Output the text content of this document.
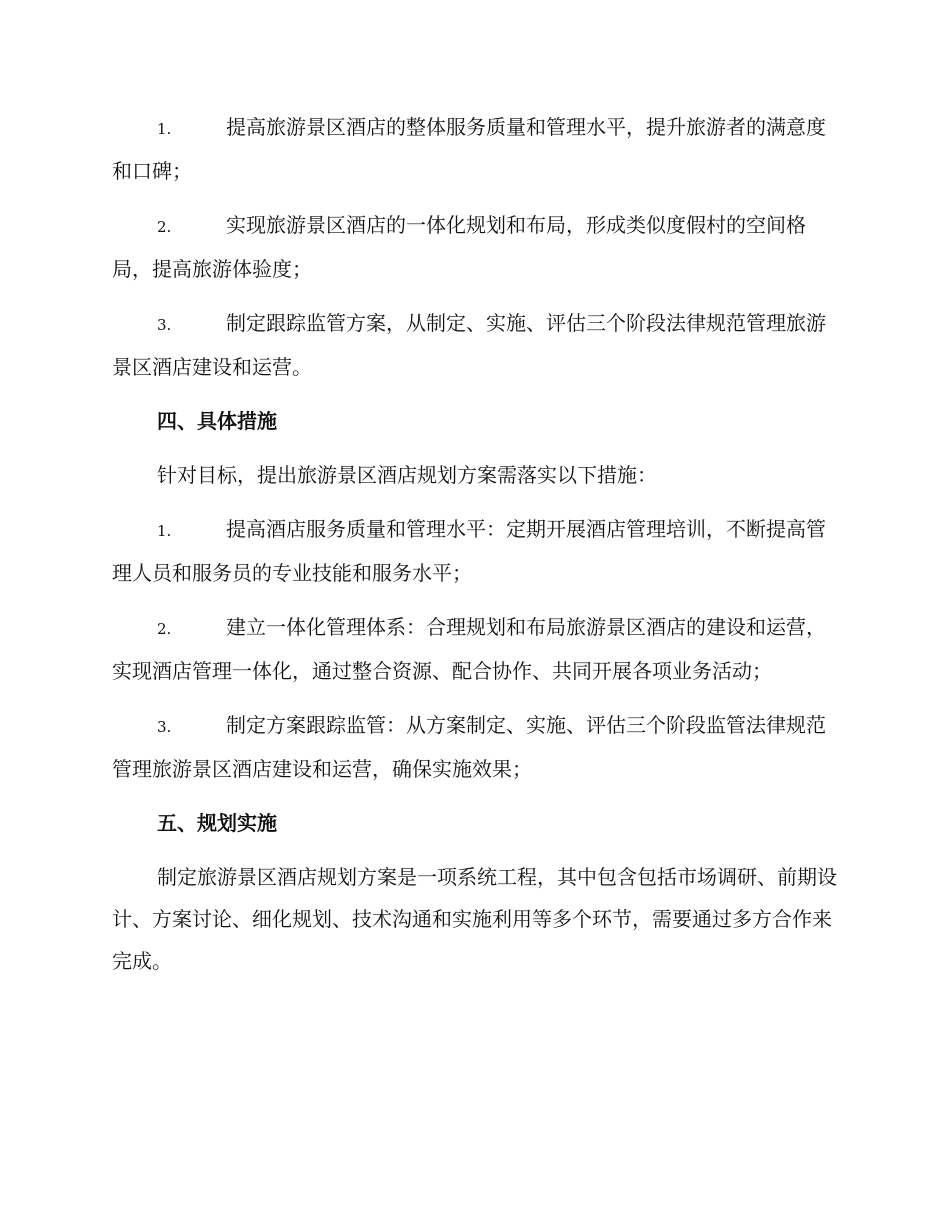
1.	提高旅游景区酒店的整体服务质量和管理水平，提升旅游者的满意度和口碑；
2.	实现旅游景区酒店的一体化规划和布局，形成类似度假村的空间格局，提高旅游体验度；
3.	制定跟踪监管方案，从制定、实施、评估三个阶段法律规范管理旅游景区酒店建设和运营。
四、具体措施
针对目标，提出旅游景区酒店规划方案需落实以下措施：
1.	提高酒店服务质量和管理水平：定期开展酒店管理培训，不断提高管理人员和服务员的专业技能和服务水平；
2.	建立一体化管理体系：合理规划和布局旅游景区酒店的建设和运营，实现酒店管理一体化，通过整合资源、配合协作、共同开展各项业务活动；
3.	制定方案跟踪监管：从方案制定、实施、评估三个阶段监管法律规范管理旅游景区酒店建设和运营，确保实施效果；
五、规划实施
制定旅游景区酒店规划方案是一项系统工程，其中包含包括市场调研、前期设计、方案讨论、细化规划、技术沟通和实施利用等多个环节，需要通过多方合作来完成。
